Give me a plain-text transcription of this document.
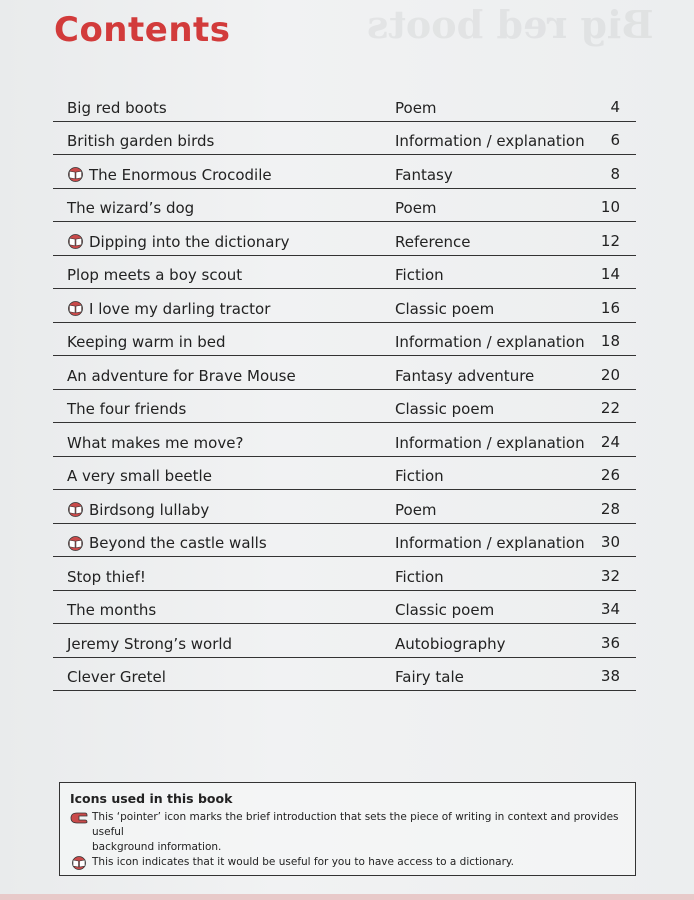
Big red boots
Contents
Big red boots	Poem	4
British garden birds	Information / explanation 6
The Enormous Crocodile	Fantasy	8
The wizard’s dog	Poem	10
Dipping into the dictionary	Reference	12
Plop meets a boy scout	Fiction	14
I love my darling tractor	Classic poem	16
Keeping warm in bed	Information / explanation 18
An adventure for Brave Mouse	Fantasy adventure	20
The four friends	Classic poem	22
What makes me move?	Information / explanation 24
A very small beetle	Fiction	26
Birdsong lullaby	Poem	28
Beyond the castle walls	Information / explanation 30
Stop thief!	Fiction	32
The months	Classic poem	34
Jeremy Strong’s world	Autobiography	36
Clever Gretel	Fairy tale	38
Icons used in this book
This ‘pointer’ icon marks the brief introduction that sets the piece of writing in context and provides useful
background information.
This icon indicates that it would be useful for you to have access to a dictionary.
